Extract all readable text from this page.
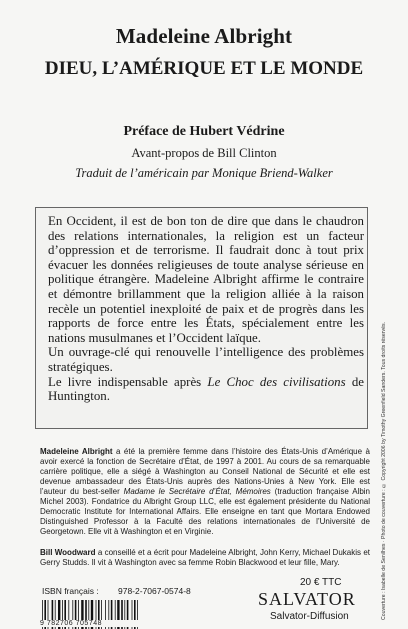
Madeleine Albright
DIEU, L’AMÉRIQUE ET LE MONDE
Préface de Hubert Védrine
Avant-propos de Bill Clinton
Traduit de l’américain par Monique Briend-Walker

En Occident, il est de bon ton de dire que dans le chaudron des relations internationales, la religion est un facteur d’oppression et de terrorisme. Il faudrait donc à tout prix évacuer les données religieuses de toute analyse sérieuse en politique étrangère. Madeleine Albright affirme le contraire et démontre brillamment que la religion alliée à la raison recèle un potentiel inexploité de paix et de progrès dans les rapports de force entre les États, spécialement entre les nations musulmanes et l’Occident laïque.

Un ouvrage-clé qui renouvelle l’intelligence des problèmes stratégiques.

Le livre indispensable après Le Choc des civilisations de Huntington.

Madeleine Albright a été la première femme dans l’histoire des États-Unis d’Amérique à avoir exercé la fonction de Secrétaire d’État, de 1997 à 2001. Au cours de sa remarquable carrière politique, elle a siégé à Washington au Conseil National de Sécurité et elle est devenue ambassadeur des États-Unis auprès des Nations-Unies à New York. Elle est l’auteur du best-seller Madame le Secrétaire d’État, Mémoires (traduction française Albin Michel 2003). Fondatrice du Albright Group LLC, elle est également présidente du National Democratic Institute for International Affairs. Elle enseigne en tant que Mortara Endowed Distinguished Professor à la Faculté des relations internationales de l’Université de Georgetown. Elle vit à Washington et en Virginie.
Bill Woodward a conseillé et a écrit pour Madeleine Albright, John Kerry, Michael Dukakis et Gerry Studds. Il vit à Washington avec sa femme Robin Blackwood et leur fille, Mary.	Couverture : Isabelle de Senilhes · Photo de couverture : © Copyright 2006 by Timothy Greenfield Sanders. Tous droits réservés.
ISBN français : 978-2-7067-0574-8
9 782706 705748
20 € TTC
SALVATOR
Salvator-Diffusion
